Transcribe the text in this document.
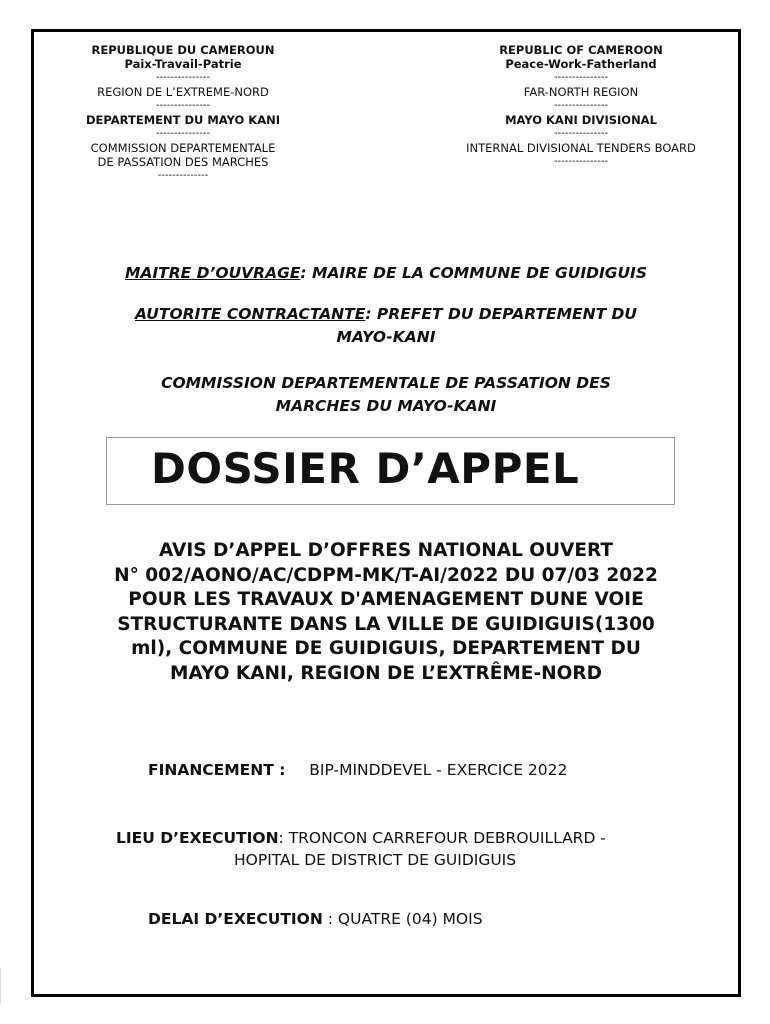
REPUBLIQUE DU CAMEROUN
Paix-Travail-Patrie
---------------
REGION DE L’EXTREME-NORD
---------------
DEPARTEMENT DU MAYO KANI
---------------
COMMISSION DEPARTEMENTALE
DE PASSATION DES MARCHES
--------------
REPUBLIC OF CAMEROON
Peace-Work-Fatherland
---------------
FAR-NORTH REGION
---------------
MAYO KANI DIVISIONAL
---------------
INTERNAL DIVISIONAL TENDERS BOARD
---------------
MAITRE D’OUVRAGE: MAIRE DE LA COMMUNE DE GUIDIGUIS
AUTORITE CONTRACTANTE: PREFET DU DEPARTEMENT DU
MAYO-KANI
COMMISSION DEPARTEMENTALE DE PASSATION DES
MARCHES DU MAYO-KANI
DOSSIER D’APPEL
AVIS D’APPEL D’OFFRES NATIONAL OUVERT
N° 002/AONO/AC/CDPM-MK/T-AI/2022 DU 07/03 2022
POUR LES TRAVAUX D'AMENAGEMENT DUNE VOIE
STRUCTURANTE DANS LA VILLE DE GUIDIGUIS(1300
ml), COMMUNE DE GUIDIGUIS, DEPARTEMENT DU
MAYO KANI, REGION DE L’EXTRÊME-NORD
FINANCEMENT : BIP-MINDDEVEL - EXERCICE 2022
LIEU D’EXECUTION: TRONCON CARREFOUR DEBROUILLARD -
HOPITAL DE DISTRICT DE GUIDIGUIS
DELAI D’EXECUTION : QUATRE (04) MOIS
